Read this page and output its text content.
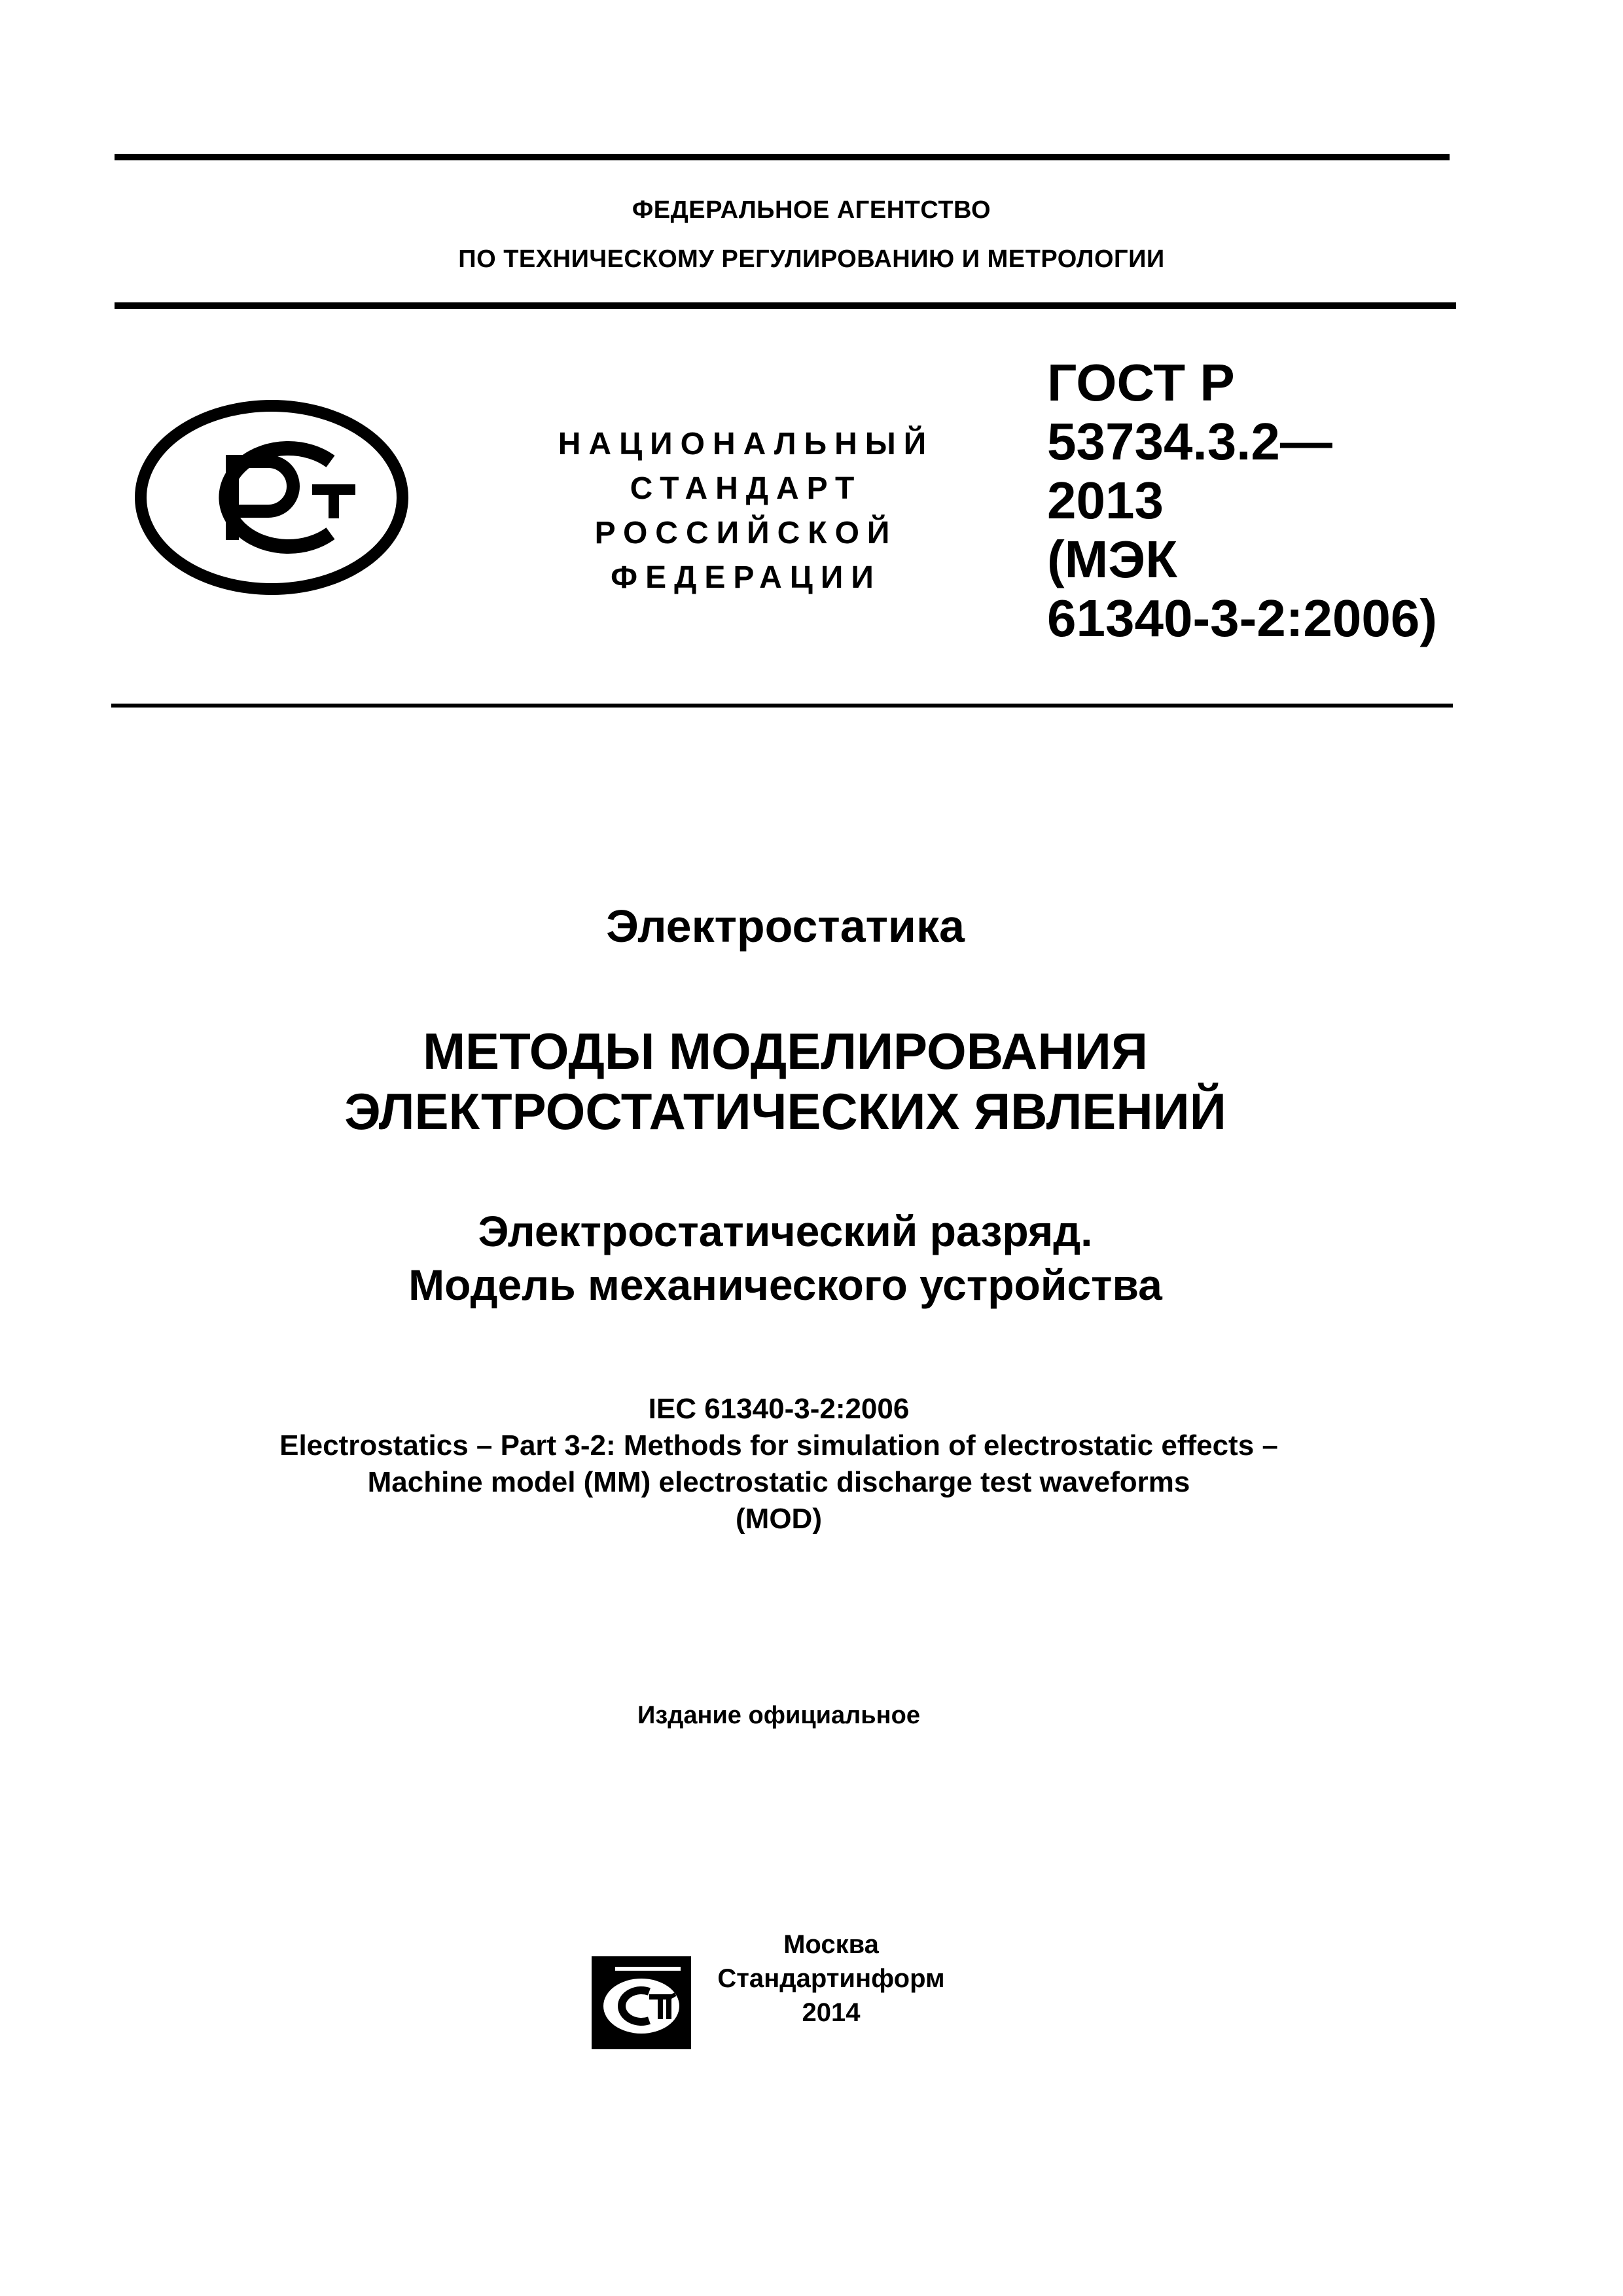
ФЕДЕРАЛЬНОЕ АГЕНТСТВО
ПО ТЕХНИЧЕСКОМУ РЕГУЛИРОВАНИЮ И МЕТРОЛОГИИ
НАЦИОНАЛЬНЫЙ
СТАНДАРТ
РОССИЙСКОЙ
ФЕДЕРАЦИИ
ГОСТ Р
53734.3.2—
2013
(МЭК
61340-3-2:2006)
Электростатика
МЕТОДЫ МОДЕЛИРОВАНИЯ
ЭЛЕКТРОСТАТИЧЕСКИХ ЯВЛЕНИЙ
Электростатический разряд.
Модель механического устройства
IEC 61340-3-2:2006
Electrostatics – Part 3-2: Methods for simulation of electrostatic effects –
Machine model (MM) electrostatic discharge test waveforms
(MOD)
Издание официальное
Москва
Стандартинформ
2014
